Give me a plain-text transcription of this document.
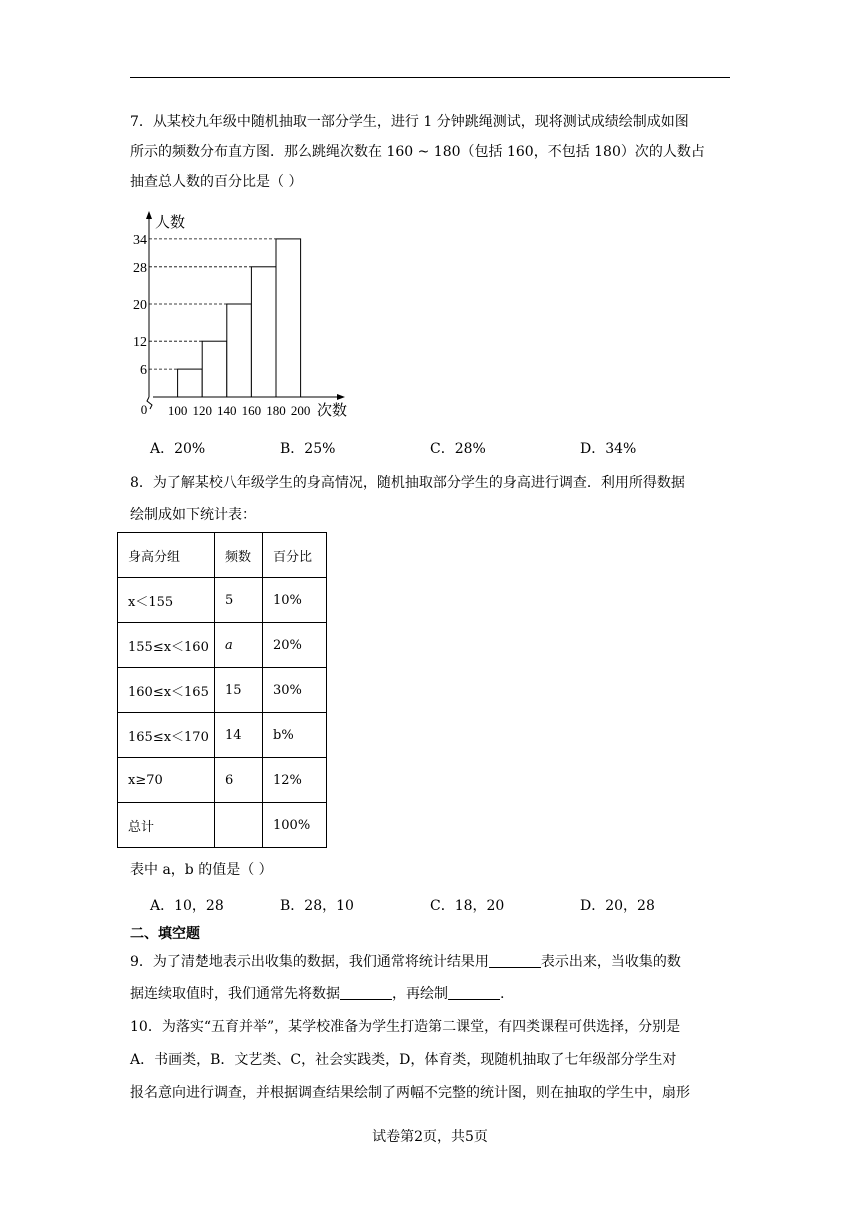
7．从某校九年级中随机抽取一部分学生，进行 1 分钟跳绳测试，现将测试成绩绘制成如图
所示的频数分布直方图．那么跳绳次数在 160 ~ 180（包括 160，不包括 180）次的人数占
抽查总人数的百分比是（ ）
6
12
20
28
34
100 120 140 160 180 200
人数
次数
0
A．20%	B．25%	C．28%	D．34%
8．为了解某校八年级学生的身高情况，随机抽取部分学生的身高进行调查．利用所得数据
绘制成如下统计表：
身高分组	频数	百分比
x＜155	5	10%
155≤x＜160	a	20%
160≤x＜165	15	30%
165≤x＜170	14	b%
x≥70	6	12%
总计		100%
表中 a，b 的值是（ ）
A．10，28	B．28，10	C．18，20	D．20，28
二、填空题
9．为了清楚地表示出收集的数据，我们通常将统计结果用	表示出来，当收集的数
据连续取值时，我们通常先将数据	，再绘制	.
10．为落实“五育并举”，某学校准备为学生打造第二课堂，有四类课程可供选择，分别是
A．书画类，B．文艺类、C，社会实践类，D，体育类，现随机抽取了七年级部分学生对
报名意向进行调查，并根据调查结果绘制了两幅不完整的统计图，则在抽取的学生中，扇形
试卷第2页，共5页
